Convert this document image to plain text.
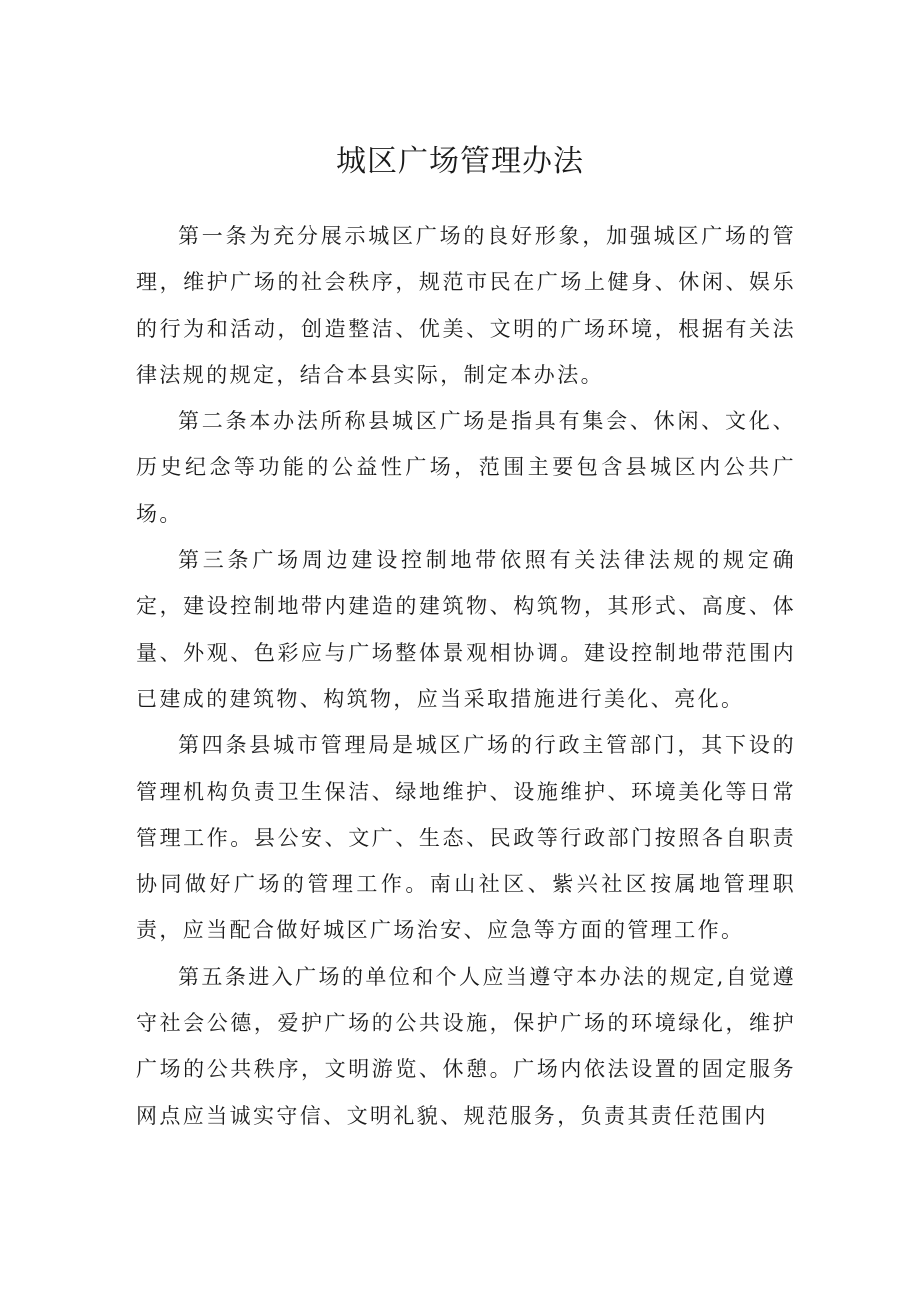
城区广场管理办法

第一条为充分展示城区广场的良好形象，加强城区广场的管理，维护广场的社会秩序，规范市民在广场上健身、休闲、娱乐的行为和活动，创造整洁、优美、文明的广场环境，根据有关法律法规的规定，结合本县实际，制定本办法。

第二条本办法所称县城区广场是指具有集会、休闲、文化、历史纪念等功能的公益性广场，范围主要包含县城区内公共广场。

第三条广场周边建设控制地带依照有关法律法规的规定确定，建设控制地带内建造的建筑物、构筑物，其形式、高度、体量、外观、色彩应与广场整体景观相协调。建设控制地带范围内已建成的建筑物、构筑物，应当采取措施进行美化、亮化。

第四条县城市管理局是城区广场的行政主管部门，其下设的管理机构负责卫生保洁、绿地维护、设施维护、环境美化等日常管理工作。县公安、文广、生态、民政等行政部门按照各自职责协同做好广场的管理工作。南山社区、紫兴社区按属地管理职责，应当配合做好城区广场治安、应急等方面的管理工作。

第五条进入广场的单位和个人应当遵守本办法的规定,自觉遵守社会公德，爱护广场的公共设施，保护广场的环境绿化，维护广场的公共秩序，文明游览、休憩。广场内依法设置的固定服务网点应当诚实守信、文明礼貌、规范服务，负责其责任范围内
